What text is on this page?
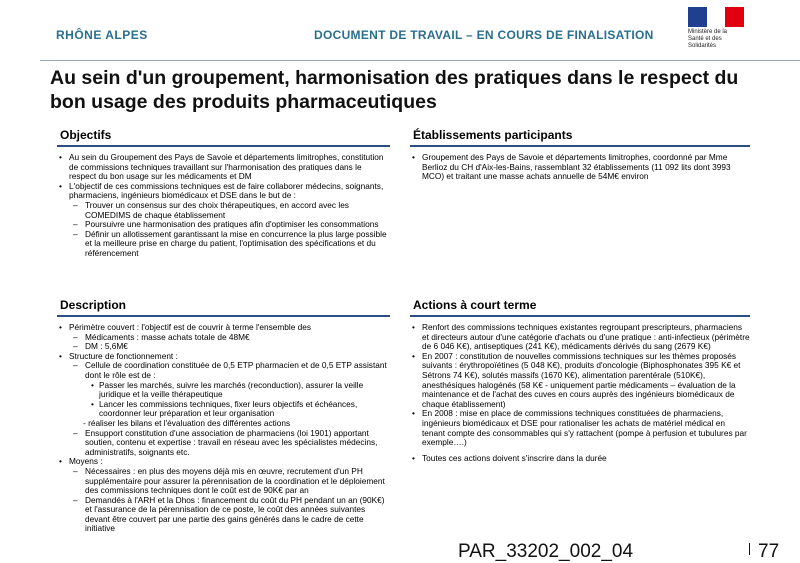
RHÔNE ALPES	DOCUMENT DE TRAVAIL – EN COURS DE FINALISATION	Ministère de la Santé et des Solidarités
Au sein d'un groupement, harmonisation des pratiques dans le respect du bon usage des produits pharmaceutiques
Objectifs
• Au sein du Groupement des Pays de Savoie et départements limitrophes, constitution de commissions techniques travaillant sur l'harmonisation des pratiques dans le respect du bon usage sur les médicaments et DM
• L'objectif de ces commissions techniques est de faire collaborer médecins, soignants, pharmaciens, ingénieurs biomédicaux et DSE dans le but de :
– Trouver un consensus sur des choix thérapeutiques, en accord avec les COMEDIMS de chaque établissement
– Poursuivre une harmonisation des pratiques afin d'optimiser les consommations
– Définir un allotissement garantissant la mise en concurrence la plus large possible et la meilleure prise en charge du patient, l'optimisation des spécifications et du référencement
Établissements participants
• Groupement des Pays de Savoie et départements limitrophes, coordonné par Mme Berlioz du CH d'Aix-les-Bains, rassemblant 32 établissements (11 092 lits dont 3993 MCO) et traitant une masse achats annuelle de 54M€ environ
Description
• Périmètre couvert : l'objectif est de couvrir à terme l'ensemble des
– Médicaments : masse achats totale de 48M€
– DM : 5,6M€
• Structure de fonctionnement :
– Cellule de coordination constituée de 0,5 ETP pharmacien et de 0,5 ETP assistant dont le rôle est de :
• Passer les marchés, suivre les marchés (reconduction), assurer la veille juridique et la veille thérapeutique
• Lancer les commissions techniques, fixer leurs objectifs et échéances, coordonner leur préparation et leur organisation
- réaliser les bilans et l'évaluation des différentes actions
– Ensupport constitution d'une association de pharmaciens (loi 1901) apportant soutien, contenu et expertise : travail en réseau avec les spécialistes médecins, administratifs, soignants etc.
• Moyens :
– Nécessaires : en plus des moyens déjà mis en œuvre, recrutement d'un PH supplémentaire pour assurer la pérennisation de la coordination et le déploiement des commissions techniques dont le coût est de 90K€ par an
– Demandés à l'ARH et la Dhos : financement du coût du PH pendant un an (90K€) et l'assurance de la pérennisation de ce poste, le coût des années suivantes devant être couvert par une partie des gains générés dans le cadre de cette initiative
Actions à court terme
• Renfort des commissions techniques existantes regroupant prescripteurs, pharmaciens et directeurs autour d'une catégorie d'achats ou d'une pratique : anti-infectieux (périmètre de 6 046 K€), antiseptiques (241 K€), médicaments dérivés du sang (2679 K€)
• En 2007 : constitution de nouvelles commissions techniques sur les thèmes proposés suivants : érythropoïétines (5 048 K€), produits d'oncologie (Biphosphonates 395 K€ et Sétrons 74 K€), solutés massifs (1670 K€), alimentation parentérale (510K€), anesthésiques halogénés (58 K€ - uniquement partie médicaments – évaluation de la maintenance et de l'achat des cuves en cours auprès des ingénieurs biomédicaux de chaque établissement)
• En 2008 : mise en place de commissions techniques constituées de pharmaciens, ingénieurs biomédicaux et DSE pour rationaliser les achats de matériel médical en tenant compte des consommables qui s'y rattachent (pompe à perfusion et tubulures par exemple….)
• Toutes ces actions doivent s'inscrire dans la durée
PAR_33202_002_04	77
